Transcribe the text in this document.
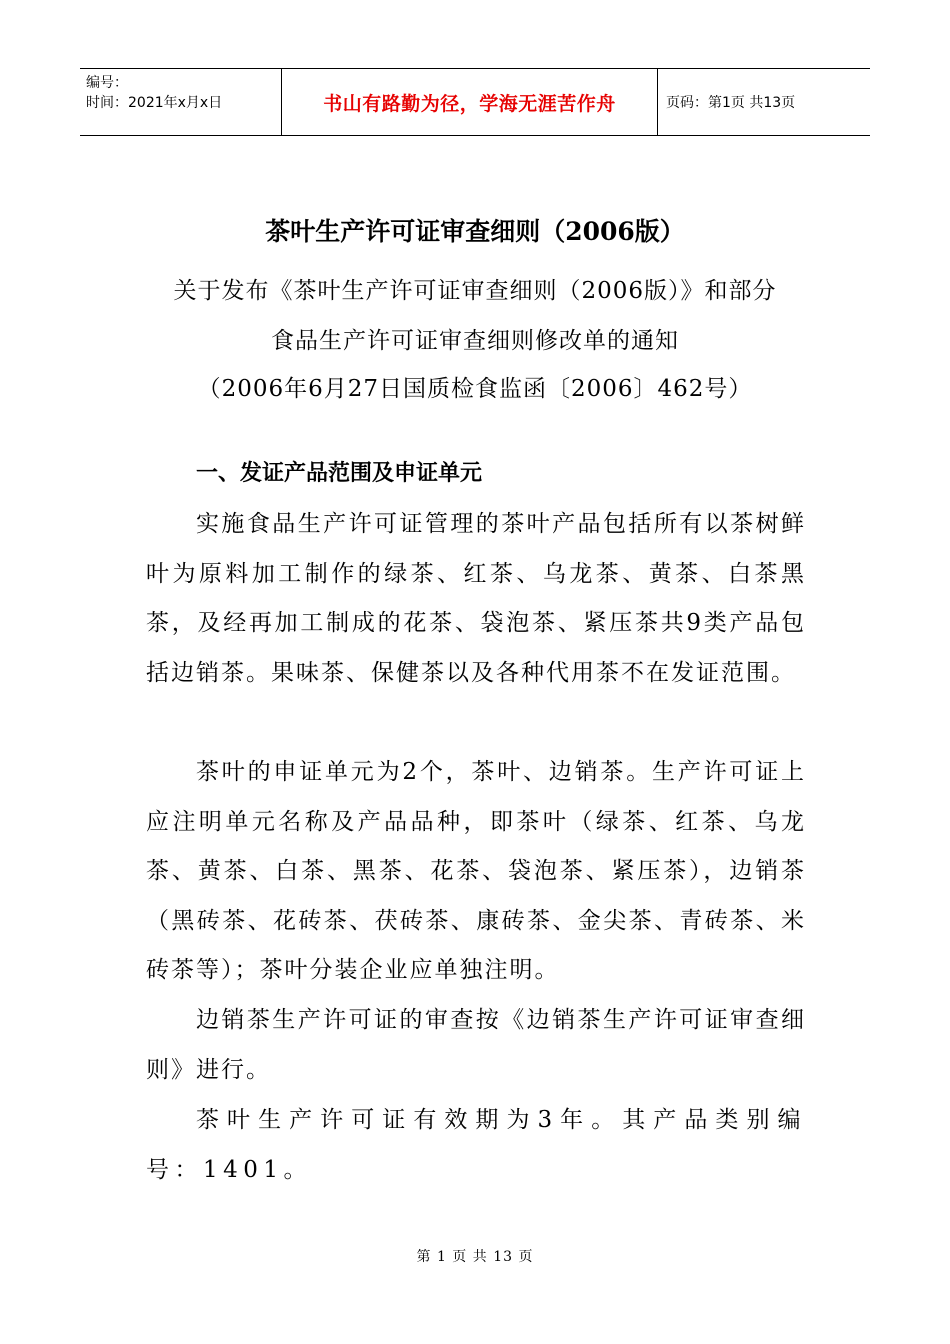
编号：
时间：2021年x月x日	书山有路勤为径，学海无涯苦作舟	页码：第1页 共13页
茶叶生产许可证审查细则（2006版）
关于发布《茶叶生产许可证审查细则（2006版）》和部分
食品生产许可证审查细则修改单的通知
（2006年6月27日国质检食监函〔2006〕462号）
一、发证产品范围及申证单元
实施食品生产许可证管理的茶叶产品包括所有以茶树鲜叶为原料加工制作的绿茶、红茶、乌龙茶、黄茶、白茶黑茶，及经再加工制成的花茶、袋泡茶、紧压茶共9类产品包括边销茶。果味茶、保健茶以及各种代用茶不在发证范围。
茶叶的申证单元为2个，茶叶、边销茶。生产许可证上应注明单元名称及产品品种，即茶叶（绿茶、红茶、乌龙茶、黄茶、白茶、黑茶、花茶、袋泡茶、紧压茶），边销茶（黑砖茶、花砖茶、茯砖茶、康砖茶、金尖茶、青砖茶、米砖茶等）；茶叶分装企业应单独注明。
边销茶生产许可证的审查按《边销茶生产许可证审查细则》进行。
茶叶生产许可证有效期为3年。其产品类别编号：1401。
第 1 页 共 13 页
